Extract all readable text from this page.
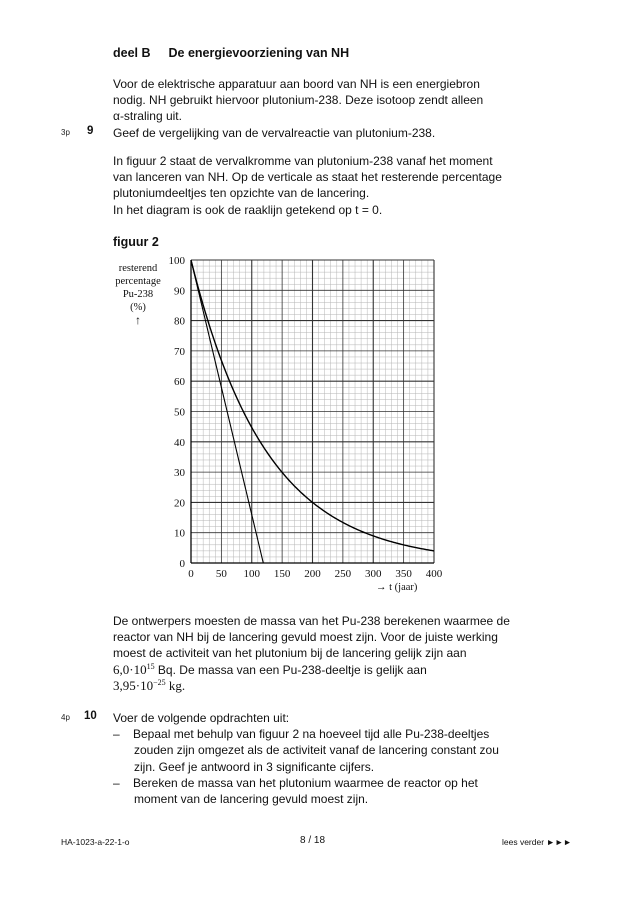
deel B De energievoorziening van NH
Voor de elektrische apparatuur aan boord van NH is een energiebron
nodig. NH gebruikt hiervoor plutonium-238. Deze isotoop zendt alleen
α-straling uit.
3p 9 Geef de vergelijking van de vervalreactie van plutonium-238.
In figuur 2 staat de vervalkromme van plutonium-238 vanaf het moment
van lanceren van NH. Op de verticale as staat het resterende percentage
plutoniumdeeltjes ten opzichte van de lancering.
In het diagram is ook de raaklijn getekend op t = 0.
figuur 2
resterend
percentage
Pu-238
(%)
↑
0 50 100 150 200 250 300 350 400
0
10
20
30
40
50
60
70
80
90
100
→ t (jaar)
De ontwerpers moesten de massa van het Pu-238 berekenen waarmee de
reactor van NH bij de lancering gevuld moest zijn. Voor de juiste werking
moest de activiteit van het plutonium bij de lancering gelijk zijn aan
$6,0\cdot 10^{15}$ Bq. De massa van een Pu-238-deeltje is gelijk aan
$3,95\cdot 10^{-25}$ kg.
4p 10 Voer de volgende opdrachten uit:
– Bepaal met behulp van figuur 2 na hoeveel tijd alle Pu-238-deeltjes
zouden zijn omgezet als de activiteit vanaf de lancering constant zou
zijn. Geef je antwoord in 3 significante cijfers.
– Bereken de massa van het plutonium waarmee de reactor op het
moment van de lancering gevuld moest zijn.
HA-1023-a-22-1-o	8 / 18	lees verder ►►►
